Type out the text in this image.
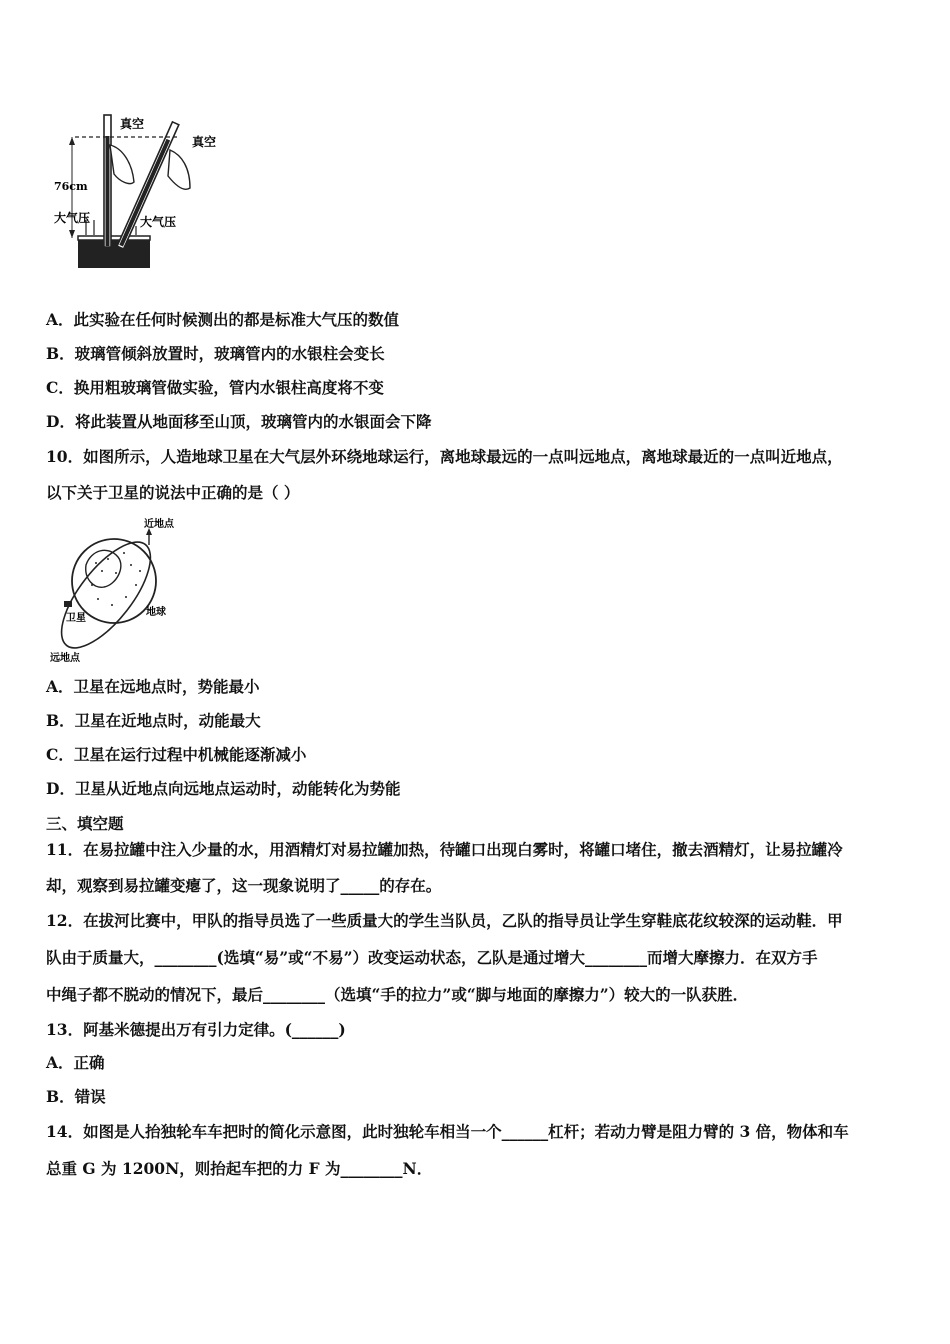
真空
真空
76cm
大气压	大气压
A．此实验在任何时候测出的都是标准大气压的数值
B．玻璃管倾斜放置时，玻璃管内的水银柱会变长
C．换用粗玻璃管做实验，管内水银柱高度将不变
D．将此装置从地面移至山顶，玻璃管内的水银面会下降
10．如图所示，人造地球卫星在大气层外环绕地球运行，离地球最远的一点叫远地点，离地球最近的一点叫近地点，
以下关于卫星的说法中正确的是（ ）
近地点
地球
卫星
远地点
A．卫星在远地点时，势能最小
B．卫星在近地点时，动能最大
C．卫星在运行过程中机械能逐渐减小
D．卫星从近地点向远地点运动时，动能转化为势能
三、填空题
11．在易拉罐中注入少量的水，用酒精灯对易拉罐加热，待罐口出现白雾时，将罐口堵住，撤去酒精灯，让易拉罐冷
却，观察到易拉罐变瘪了，这一现象说明了_____的存在。
12．在拔河比赛中，甲队的指导员选了一些质量大的学生当队员，乙队的指导员让学生穿鞋底花纹较深的运动鞋．甲
队由于质量大，________(选填“易”或“不易”）改变运动状态，乙队是通过增大________而增大摩擦力．在双方手
中绳子都不脱动的情况下，最后________（选填“手的拉力”或“脚与地面的摩擦力”）较大的一队获胜．
13．阿基米德提出万有引力定律。(______)
A．正确
B．错误
14．如图是人抬独轮车车把时的简化示意图，此时独轮车相当一个______杠杆；若动力臂是阻力臂的 3 倍，物体和车
总重 G 为 1200N，则抬起车把的力 F 为________N．
